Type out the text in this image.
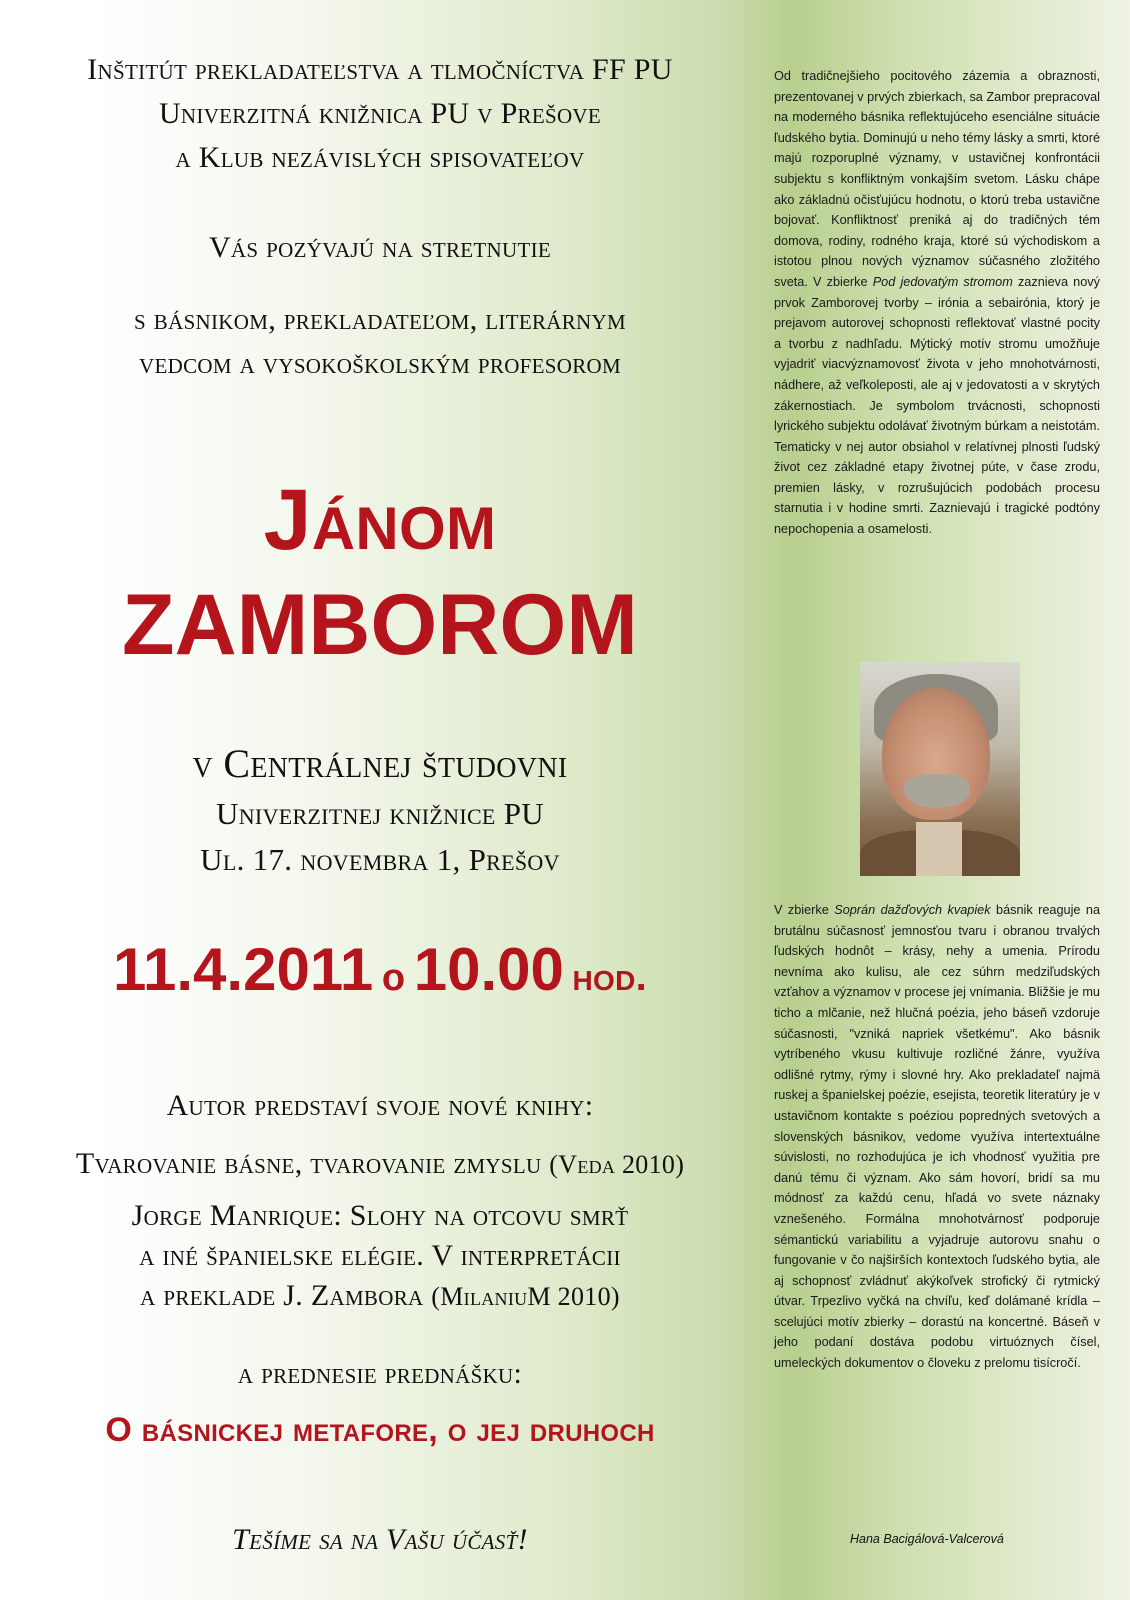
Inštitút prekladateľstva a tlmočníctva FF PU
Univerzitná knižnica PU v Prešove
a Klub nezávislých spisovateľov
Vás pozývajú na stretnutie
s básnikom, prekladateľom, literárnym
vedcom a vysokoškolským profesorom
Jánom
ZAMBOROM
v Centrálnej študovni
Univerzitnej knižnice PU
Ul. 17. novembra 1, Prešov
11.4.2011 o 10.00 hod.
Autor predstaví svoje nové knihy:
Tvarovanie básne, tvarovanie zmyslu (Veda 2010)
Jorge Manrique: Slohy na otcovu smrť
a iné španielske elégie. V interpretácii
a preklade J. Zambora (MilaniuM 2010)
a prednesie prednášku:
O básnickej metafore, o jej druhoch
Tešíme sa na Vašu účasť!
Od tradičnejšieho pocitového zázemia a obraznosti, prezentovanej v prvých zbierkach, sa Zambor prepracoval na moderného básnika reflektujúceho esenciálne situácie ľudského bytia. Dominujú u neho témy lásky a smrti, ktoré majú rozporuplné významy, v ustavičnej konfrontácii subjektu s konfliktným vonkajším svetom. Lásku chápe ako základnú očisťujúcu hodnotu, o ktorú treba ustavične bojovať. Konfliktnosť preniká aj do tradičných tém domova, rodiny, rodného kraja, ktoré sú východiskom a istotou plnou nových významov súčasného zložitého sveta. V zbierke Pod jedovatým stromom zaznieva nový prvok Zamborovej tvorby – irónia a sebairónia, ktorý je prejavom autorovej schopnosti reflektovať vlastné pocity a tvorbu z nadhľadu. Mýtický motív stromu umožňuje vyjadriť viacvýznamovosť života v jeho mnohotvárnosti, nádhere, až veľkoleposti, ale aj v jedovatosti a v skrytých zákernostiach. Je symbolom trvácnosti, schopnosti lyrického subjektu odolávať životným búrkam a neistotám. Tematicky v nej autor obsiahol v relatívnej plnosti ľudský život cez základné etapy životnej púte, v čase zrodu, premien lásky, v rozrušujúcich podobách procesu starnutia i v hodine smrti. Zaznievajú i tragické podtóny nepochopenia a osamelosti.
V zbierke Soprán dažďových kvapiek básnik reaguje na brutálnu súčasnosť jemnosťou tvaru i obranou trvalých ľudských hodnôt – krásy, nehy a umenia. Prírodu nevníma ako kulisu, ale cez súhrn medziľudských vzťahov a významov v procese jej vnímania. Bližšie je mu ticho a mlčanie, než hlučná poézia, jeho báseň vzdoruje súčasnosti, "vzniká napriek všetkému". Ako básnik vytríbeného vkusu kultivuje rozličné žánre, využíva odlišné rytmy, rýmy i slovné hry. Ako prekladateľ najmä ruskej a španielskej poézie, esejista, teoretik literatúry je v ustavičnom kontakte s poéziou popredných svetových a slovenských básnikov, vedome využíva intertextuálne súvislosti, no rozhodujúca je ich vhodnosť využitia pre danú tému či význam. Ako sám hovorí, bridí sa mu módnosť za každú cenu, hľadá vo svete náznaky vznešeného. Formálna mnohotvárnosť podporuje sémantickú variabilitu a vyjadruje autorovu snahu o fungovanie v čo najširších kontextoch ľudského bytia, ale aj schopnosť zvládnuť akýkoľvek strofický či rytmický útvar. Trpezlivo vyčká na chvíľu, keď dolámané krídla – scelujúci motív zbierky – dorastú na koncertné. Báseň v jeho podaní dostáva podobu virtuóznych čísel, umeleckých dokumentov o človeku z prelomu tisícročí.
Hana Bacigálová-Valcerová
